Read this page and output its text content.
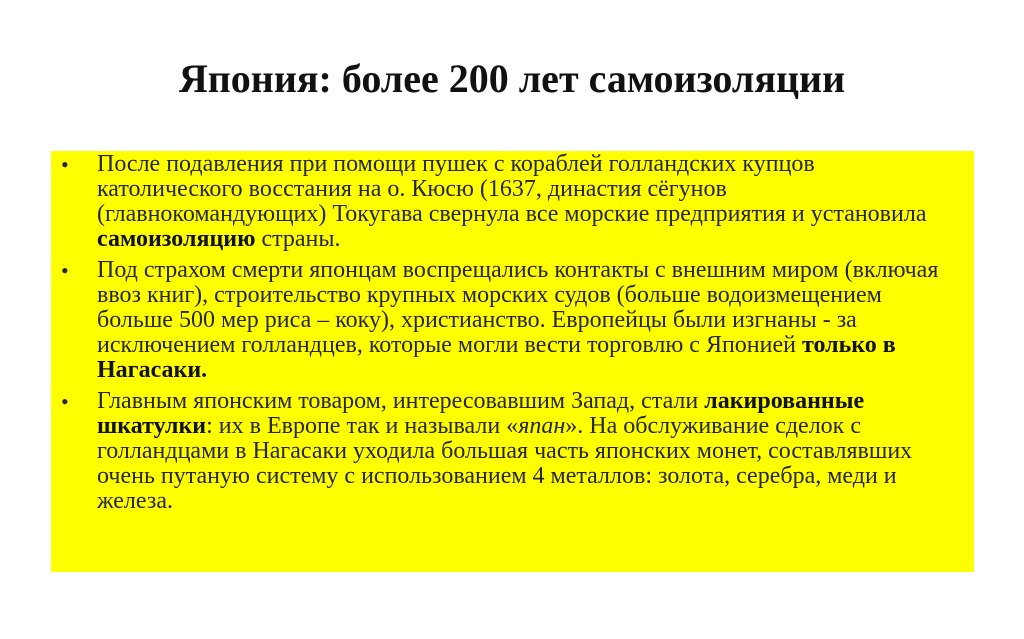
Япония: более 200 лет самоизоляции
• После подавления при помощи пушек с кораблей голландских купцов католического восстания на о. Кюсю (1637, династия сёгунов (главнокомандующих) Токугава свернула все морские предприятия и установила самоизоляцию страны.
• Под страхом смерти японцам воспрещались контакты с внешним миром (включая ввоз книг), строительство крупных морских судов (больше водоизмещением больше 500 мер риса – коку), христианство. Европейцы были изгнаны - за исключением голландцев, которые могли вести торговлю с Японией только в Нагасаки.
• Главным японским товаром, интересовавшим Запад, стали лакированные шкатулки: их в Европе так и называли «япан». На обслуживание сделок с голландцами в Нагасаки уходила большая часть японских монет, составлявших очень путаную систему с использованием 4 металлов: золота, серебра, меди и железа.
